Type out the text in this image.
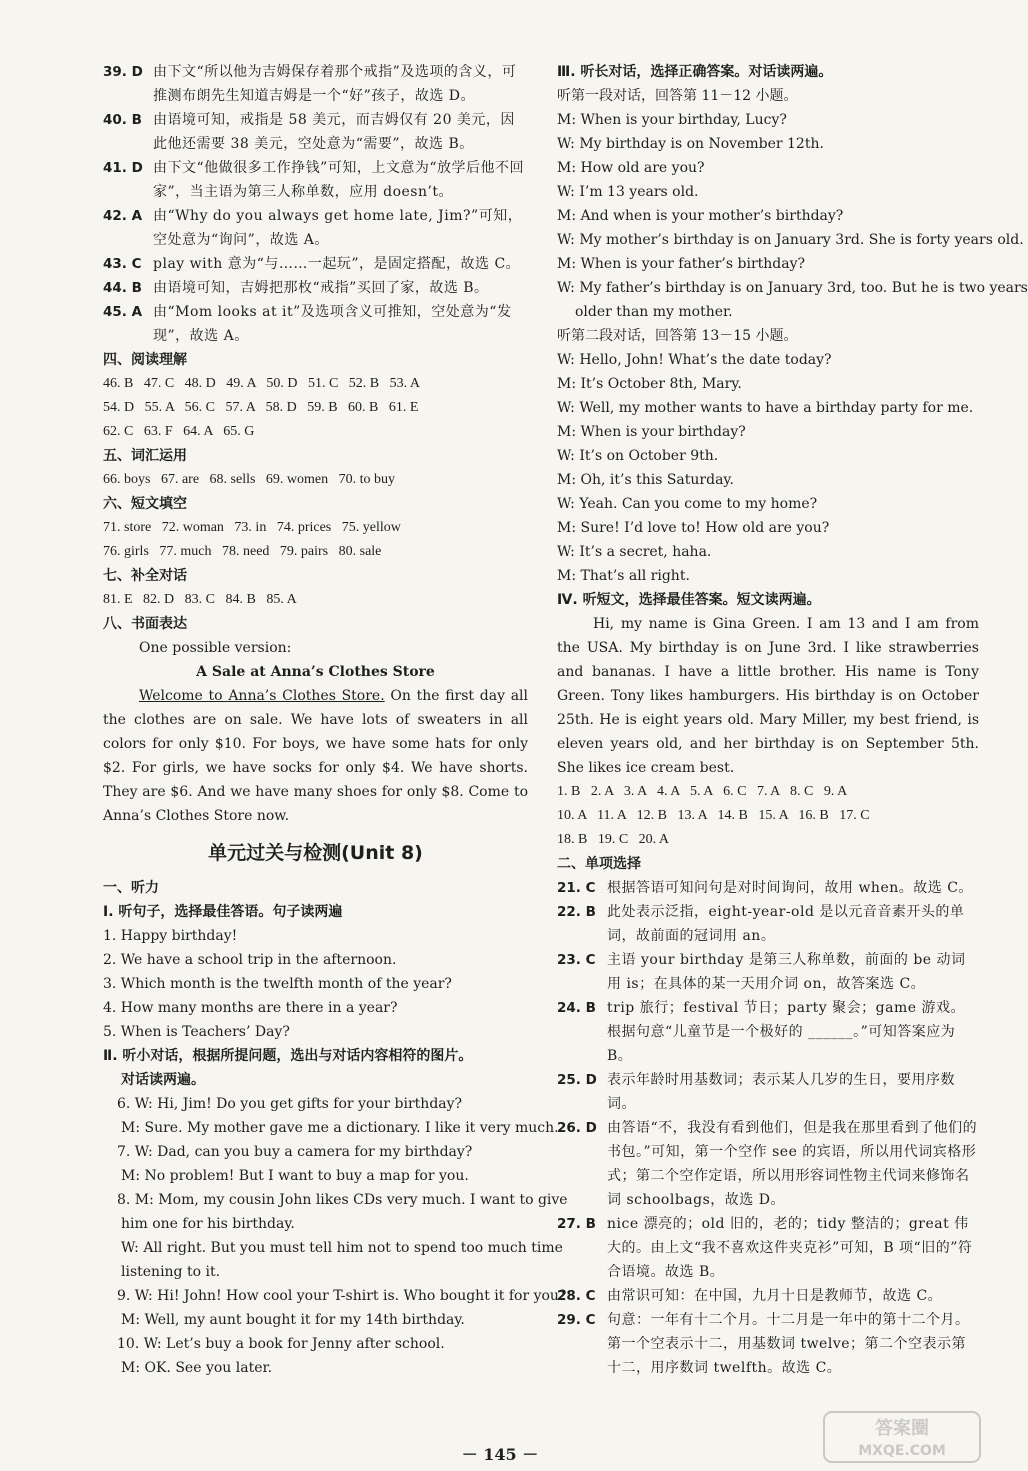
39. D 由下文“所以他为吉姆保存着那个戒指”及选项的含义，可推测布朗先生知道吉姆是一个“好”孩子，故选 D。
40. B 由语境可知，戒指是 58 美元，而吉姆仅有 20 美元，因此他还需要 38 美元，空处意为“需要”，故选 B。
41. D 由下文“他做很多工作挣钱”可知，上文意为“放学后他不回家”，当主语为第三人称单数，应用 doesn’t。
42. A 由“Why do you always get home late, Jim?”可知，空处意为“询问”，故选 A。
43. C play with 意为“与……一起玩”，是固定搭配，故选 C。
44. B 由语境可知，吉姆把那枚“戒指”买回了家，故选 B。
45. A 由“Mom looks at it”及选项含义可推知，空处意为“发现”，故选 A。
四、阅读理解
46. B   47. C   48. D   49. A   50. D   51. C   52. B   53. A
54. D   55. A   56. C   57. A   58. D   59. B   60. B   61. E
62. C   63. F   64. A   65. G
五、词汇运用
66. boys   67. are   68. sells   69. women   70. to buy
六、短文填空
71. store   72. woman   73. in   74. prices   75. yellow
76. girls   77. much   78. need   79. pairs   80. sale
七、补全对话
81. E   82. D   83. C   84. B   85. A
八、书面表达
One possible version:
A Sale at Anna’s Clothes Store
Welcome to Anna’s Clothes Store. On the first day all the clothes are on sale. We have lots of sweaters in all colors for only $10. For boys, we have some hats for only $2. For girls, we have socks for only $4. We have shorts. They are $6. And we have many shoes for only $8. Come to Anna’s Clothes Store now.
单元过关与检测(Unit 8)
一、听力
Ⅰ. 听句子，选择最佳答语。句子读两遍
1. Happy birthday!
2. We have a school trip in the afternoon.
3. Which month is the twelfth month of the year?
4. How many months are there in a year?
5. When is Teachers’ Day?
Ⅱ. 听小对话，根据所提问题，选出与对话内容相符的图片。
对话读两遍。
6. W: Hi, Jim! Do you get gifts for your birthday?
M: Sure. My mother gave me a dictionary. I like it very much.
7. W: Dad, can you buy a camera for my birthday?
M: No problem! But I want to buy a map for you.
8. M: Mom, my cousin John likes CDs very much. I want to give
him one for his birthday.
W: All right. But you must tell him not to spend too much time
listening to it.
9. W: Hi! John! How cool your T-shirt is. Who bought it for you?
M: Well, my aunt bought it for my 14th birthday.
10. W: Let’s buy a book for Jenny after school.
M: OK. See you later.
Ⅲ. 听长对话，选择正确答案。对话读两遍。
听第一段对话，回答第 11－12 小题。
M: When is your birthday, Lucy?
W: My birthday is on November 12th.
M: How old are you?
W: I’m 13 years old.
M: And when is your mother’s birthday?
W: My mother’s birthday is on January 3rd. She is forty years old.
M: When is your father’s birthday?
W: My father’s birthday is on January 3rd, too. But he is two years
older than my mother.
听第二段对话，回答第 13－15 小题。
W: Hello, John! What’s the date today?
M: It’s October 8th, Mary.
W: Well, my mother wants to have a birthday party for me.
M: When is your birthday?
W: It’s on October 9th.
M: Oh, it’s this Saturday.
W: Yeah. Can you come to my home?
M: Sure! I’d love to! How old are you?
W: It’s a secret, haha.
M: That’s all right.
Ⅳ. 听短文，选择最佳答案。短文读两遍。
Hi, my name is Gina Green. I am 13 and I am from the USA. My birthday is on June 3rd. I like strawberries and bananas. I have a little brother. His name is Tony Green. Tony likes hamburgers. His birthday is on October 25th. He is eight years old. Mary Miller, my best friend, is eleven years old, and her birthday is on September 5th. She likes ice cream best.
1. B   2. A   3. A   4. A   5. A   6. C   7. A   8. C   9. A
10. A   11. A   12. B   13. A   14. B   15. A   16. B   17. C
18. B   19. C   20. A
二、单项选择
21. C 根据答语可知问句是对时间询问，故用 when。故选 C。
22. B 此处表示泛指，eight-year-old 是以元音音素开头的单词，故前面的冠词用 an。
23. C 主语 your birthday 是第三人称单数，前面的 be 动词用 is；在具体的某一天用介词 on，故答案选 C。
24. B trip 旅行；festival 节日；party 聚会；game 游戏。根据句意“儿童节是一个极好的 ______。”可知答案应为 B。
25. D 表示年龄时用基数词；表示某人几岁的生日，要用序数词。
26. D 由答语“不，我没有看到他们，但是我在那里看到了他们的书包。”可知，第一个空作 see 的宾语，所以用代词宾格形式；第二个空作定语，所以用形容词性物主代词来修饰名词 schoolbags，故选 D。
27. B nice 漂亮的；old 旧的，老的；tidy 整洁的；great 伟大的。由上文“我不喜欢这件夹克衫”可知，B 项“旧的”符合语境。故选 B。
28. C 由常识可知：在中国，九月十日是教师节，故选 C。
29. C 句意：一年有十二个月。十二月是一年中的第十二个月。第一个空表示十二，用基数词 twelve；第二个空表示第十二，用序数词 twelfth。故选 C。
－ 145 －
答案圈
MXQE.COM
